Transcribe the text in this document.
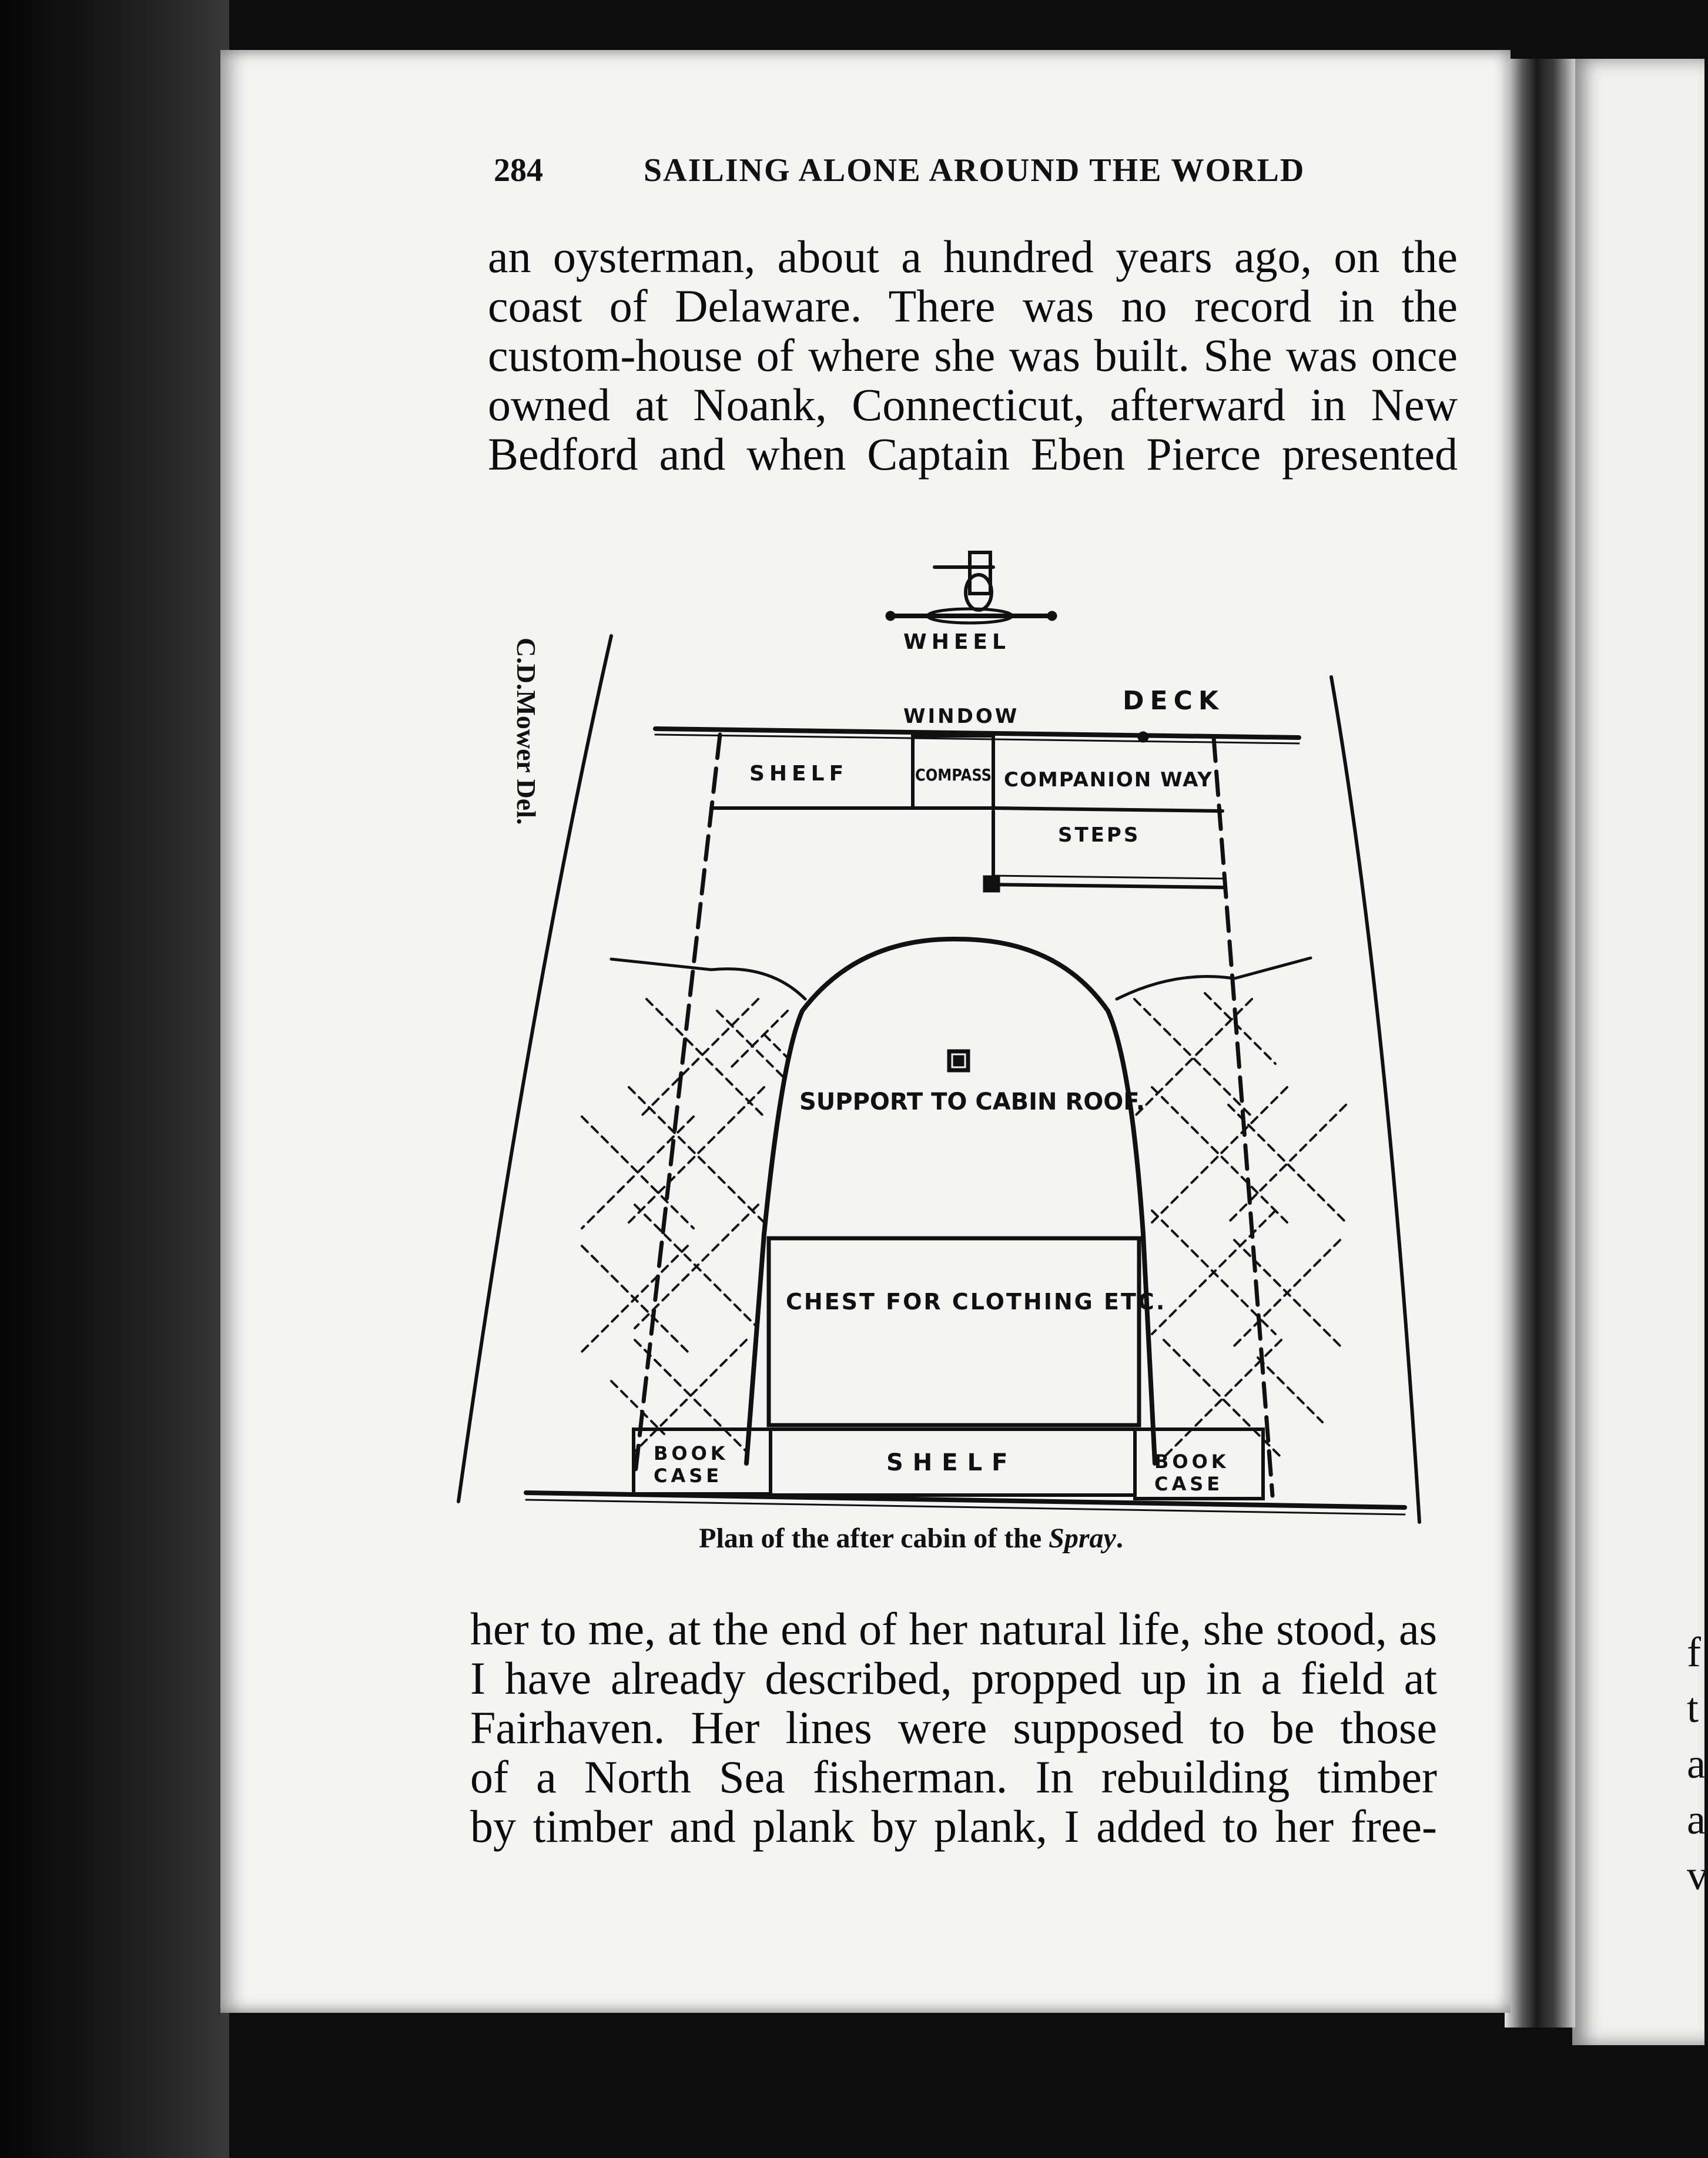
f
t
a
a
v
284	SAILING ALONE AROUND THE WORLD
an oysterman, about a hundred years ago, on the
coast of Delaware. There was no record in the
custom-house of where she was built. She was once
owned at Noank, Connecticut, afterward in New
Bedford and when Captain Eben Pierce presented
WHEEL
DECK
WINDOW
SHELF	COMPASS COMPANION WAY
STEPS
SUPPORT TO CABIN ROOF.
CHEST FOR CLOTHING ETC.
BOOK
CASE	SHELF	BOOK
CASE
C.D.Mower Del.
Plan of the after cabin of the Spray.
her to me, at the end of her natural life, she stood, as
I have already described, propped up in a field at
Fairhaven. Her lines were supposed to be those
of a North Sea fisherman. In rebuilding timber
by timber and plank by plank, I added to her free-
